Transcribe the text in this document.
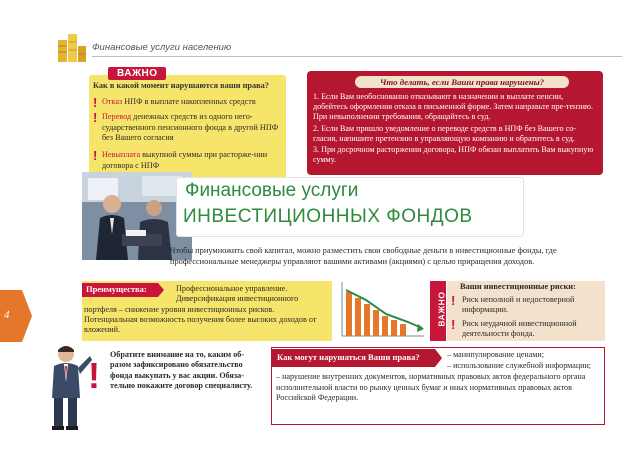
Финансовые услуги населению
4
ВАЖНО
Как в какой момент нарушаются ваши права?
! Отказ НПФ в выплате накопленных средств
! Перевод денежных средств из одного него-сударственного пенсионного фонда в другой НПФ без Вашего согласия
! Невыплата выкупной суммы при расторже-нии договора с НПФ
Что делать, если Ваши права нарушены?

1. Если Вам необоснованно отказывают в назначении и выплате пенсии, добейтесь оформления отказа в письменной форме. Затем направьте пре-тензию. При невыполнении требования, обращайтесь в суд.

2. Если Вам пришло уведомление о переводе средств в НПФ без Вашего со-гласия, напишите претензию в управляющую компанию и обратитесь в суд.

3. При досрочном расторжении договора, НПФ обязан выплатить Вам выкупную сумму.

Финансовые услуги
ИНВЕСТИЦИОННЫХ ФОНДОВ
Чтобы приумножить свой капитал, можно разместить свои свободные деньги в инвестиционные фонды, где профессиональные менеджеры управляют вашими активами (акциями) с целью приращения доходов.
Преимущества:	Профессиональное управление.
Диверсификация инвестиционного
портфеля – снижение уровня инвестиционных рисков.
Потенциальная возможность получения более высоких доходов от вложений.
ВАЖНО
Ваши инвестиционные риски:
! Риск неполной и недостоверной информации.
! Риск неудачной инвестиционной деятельности фонда.
!
Обратите внимание на то, каким об-разом зафиксировано обязательство фонда выкупать у вас акции. Обяза-тельно покажите договор специалисту.
Как могут нарушаться Ваши права?	– манипулирование ценами;
– использование служебной информации;
– нарушение внутренних документов, нормативных правовых актов федерального органа исполнительной власти по рынку ценных бумаг и иных нормативных правовых актов Российской Федерации.
